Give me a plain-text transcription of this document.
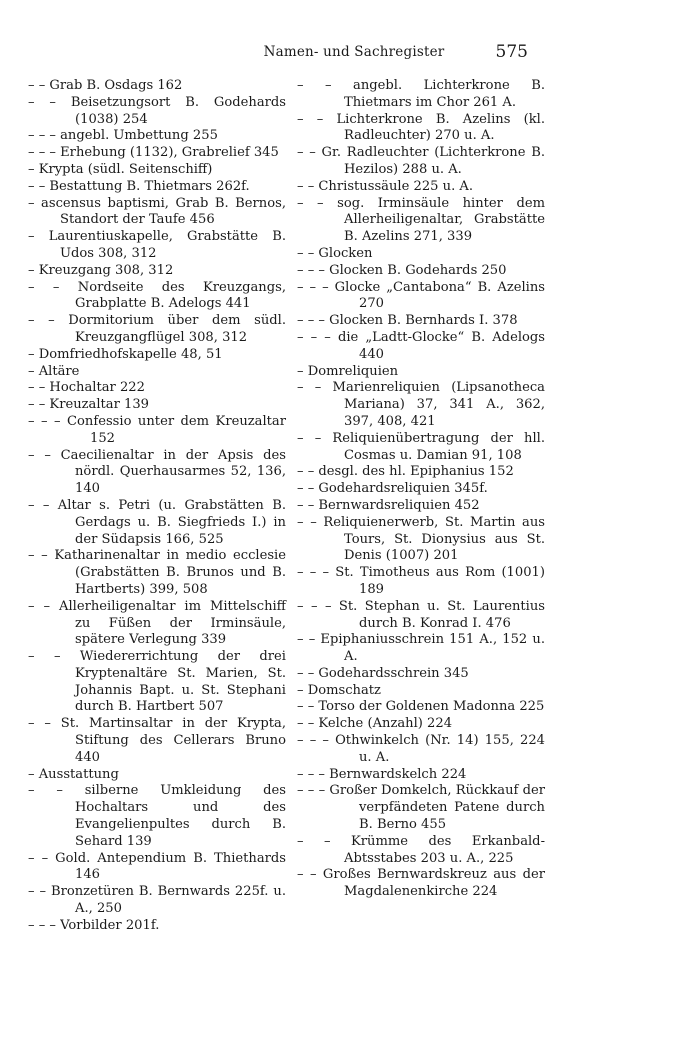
Namen- und Sachregister	575
– – Grab B. Osdags 162
– – Beisetzungsort B. Godehards (1038) 254
– – – angebl. Umbettung 255
– – – Erhebung (1132), Grabrelief 345
– Krypta (südl. Seitenschiff)
– – Bestattung B. Thietmars 262f.
– ascensus baptismi, Grab B. Bernos, Standort der Taufe 456
– Laurentiuskapelle, Grabstätte B. Udos 308, 312
– Kreuzgang 308, 312
– – Nordseite des Kreuzgangs, Grabplatte B. Adelogs 441
– – Dormitorium über dem südl. Kreuzgangflügel 308, 312
– Domfriedhofskapelle 48, 51
– Altäre
– – Hochaltar 222
– – Kreuzaltar 139
– – – Confessio unter dem Kreuzaltar 152
– – Caecilienaltar in der Apsis des nördl. Querhausarmes 52, 136, 140
– – Altar s. Petri (u. Grabstätten B. Gerdags u. B. Siegfrieds I.) in der Südapsis 166, 525
– – Katharinenaltar in medio ecclesie (Grabstätten B. Brunos und B. Hartberts) 399, 508
– – Allerheiligenaltar im Mittelschiff zu Füßen der Irminsäule, spätere Verlegung 339
– – Wiedererrichtung der drei Kryptenaltäre St. Marien, St. Johannis Bapt. u. St. Stephani durch B. Hartbert 507
– – St. Martinsaltar in der Krypta, Stiftung des Cellerars Bruno 440
– Ausstattung
– – silberne Umkleidung des Hochaltars und des Evangelienpultes durch B. Sehard 139
– – Gold. Antependium B. Thiethards 146
– – Bronzetüren B. Bernwards 225f. u. A., 250
– – – Vorbilder 201f.
– – angebl. Lichterkrone B. Thietmars im Chor 261 A.
– – Lichterkrone B. Azelins (kl. Radleuchter) 270 u. A.
– – Gr. Radleuchter (Lichterkrone B. Hezilos) 288 u. A.
– – Christussäule 225 u. A.
– – sog. Irminsäule hinter dem Allerheiligenaltar, Grabstätte B. Azelins 271, 339
– – Glocken
– – – Glocken B. Godehards 250
– – – Glocke „Cantabona“ B. Azelins 270
– – – Glocken B. Bernhards I. 378
– – – die „Ladtt-Glocke“ B. Adelogs 440
– Domreliquien
– – Marienreliquien (Lipsanotheca Mariana) 37, 341 A., 362, 397, 408, 421
– – Reliquienübertragung der hll. Cosmas u. Damian 91, 108
– – desgl. des hl. Epiphanius 152
– – Godehardsreliquien 345f.
– – Bernwardsreliquien 452
– – Reliquienerwerb, St. Martin aus Tours, St. Dionysius aus St. Denis (1007) 201
– – – St. Timotheus aus Rom (1001) 189
– – – St. Stephan u. St. Laurentius durch B. Konrad I. 476
– – Epiphaniusschrein 151 A., 152 u. A.
– – Godehardsschrein 345
– Domschatz
– – Torso der Goldenen Madonna 225
– – Kelche (Anzahl) 224
– – – Othwinkelch (Nr. 14) 155, 224 u. A.
– – – Bernwardskelch 224
– – – Großer Domkelch, Rückkauf der verpfändeten Patene durch B. Berno 455
– – Krümme des Erkanbald-Abtsstabes 203 u. A., 225
– – Großes Bernwardskreuz aus der Magdalenenkirche 224
